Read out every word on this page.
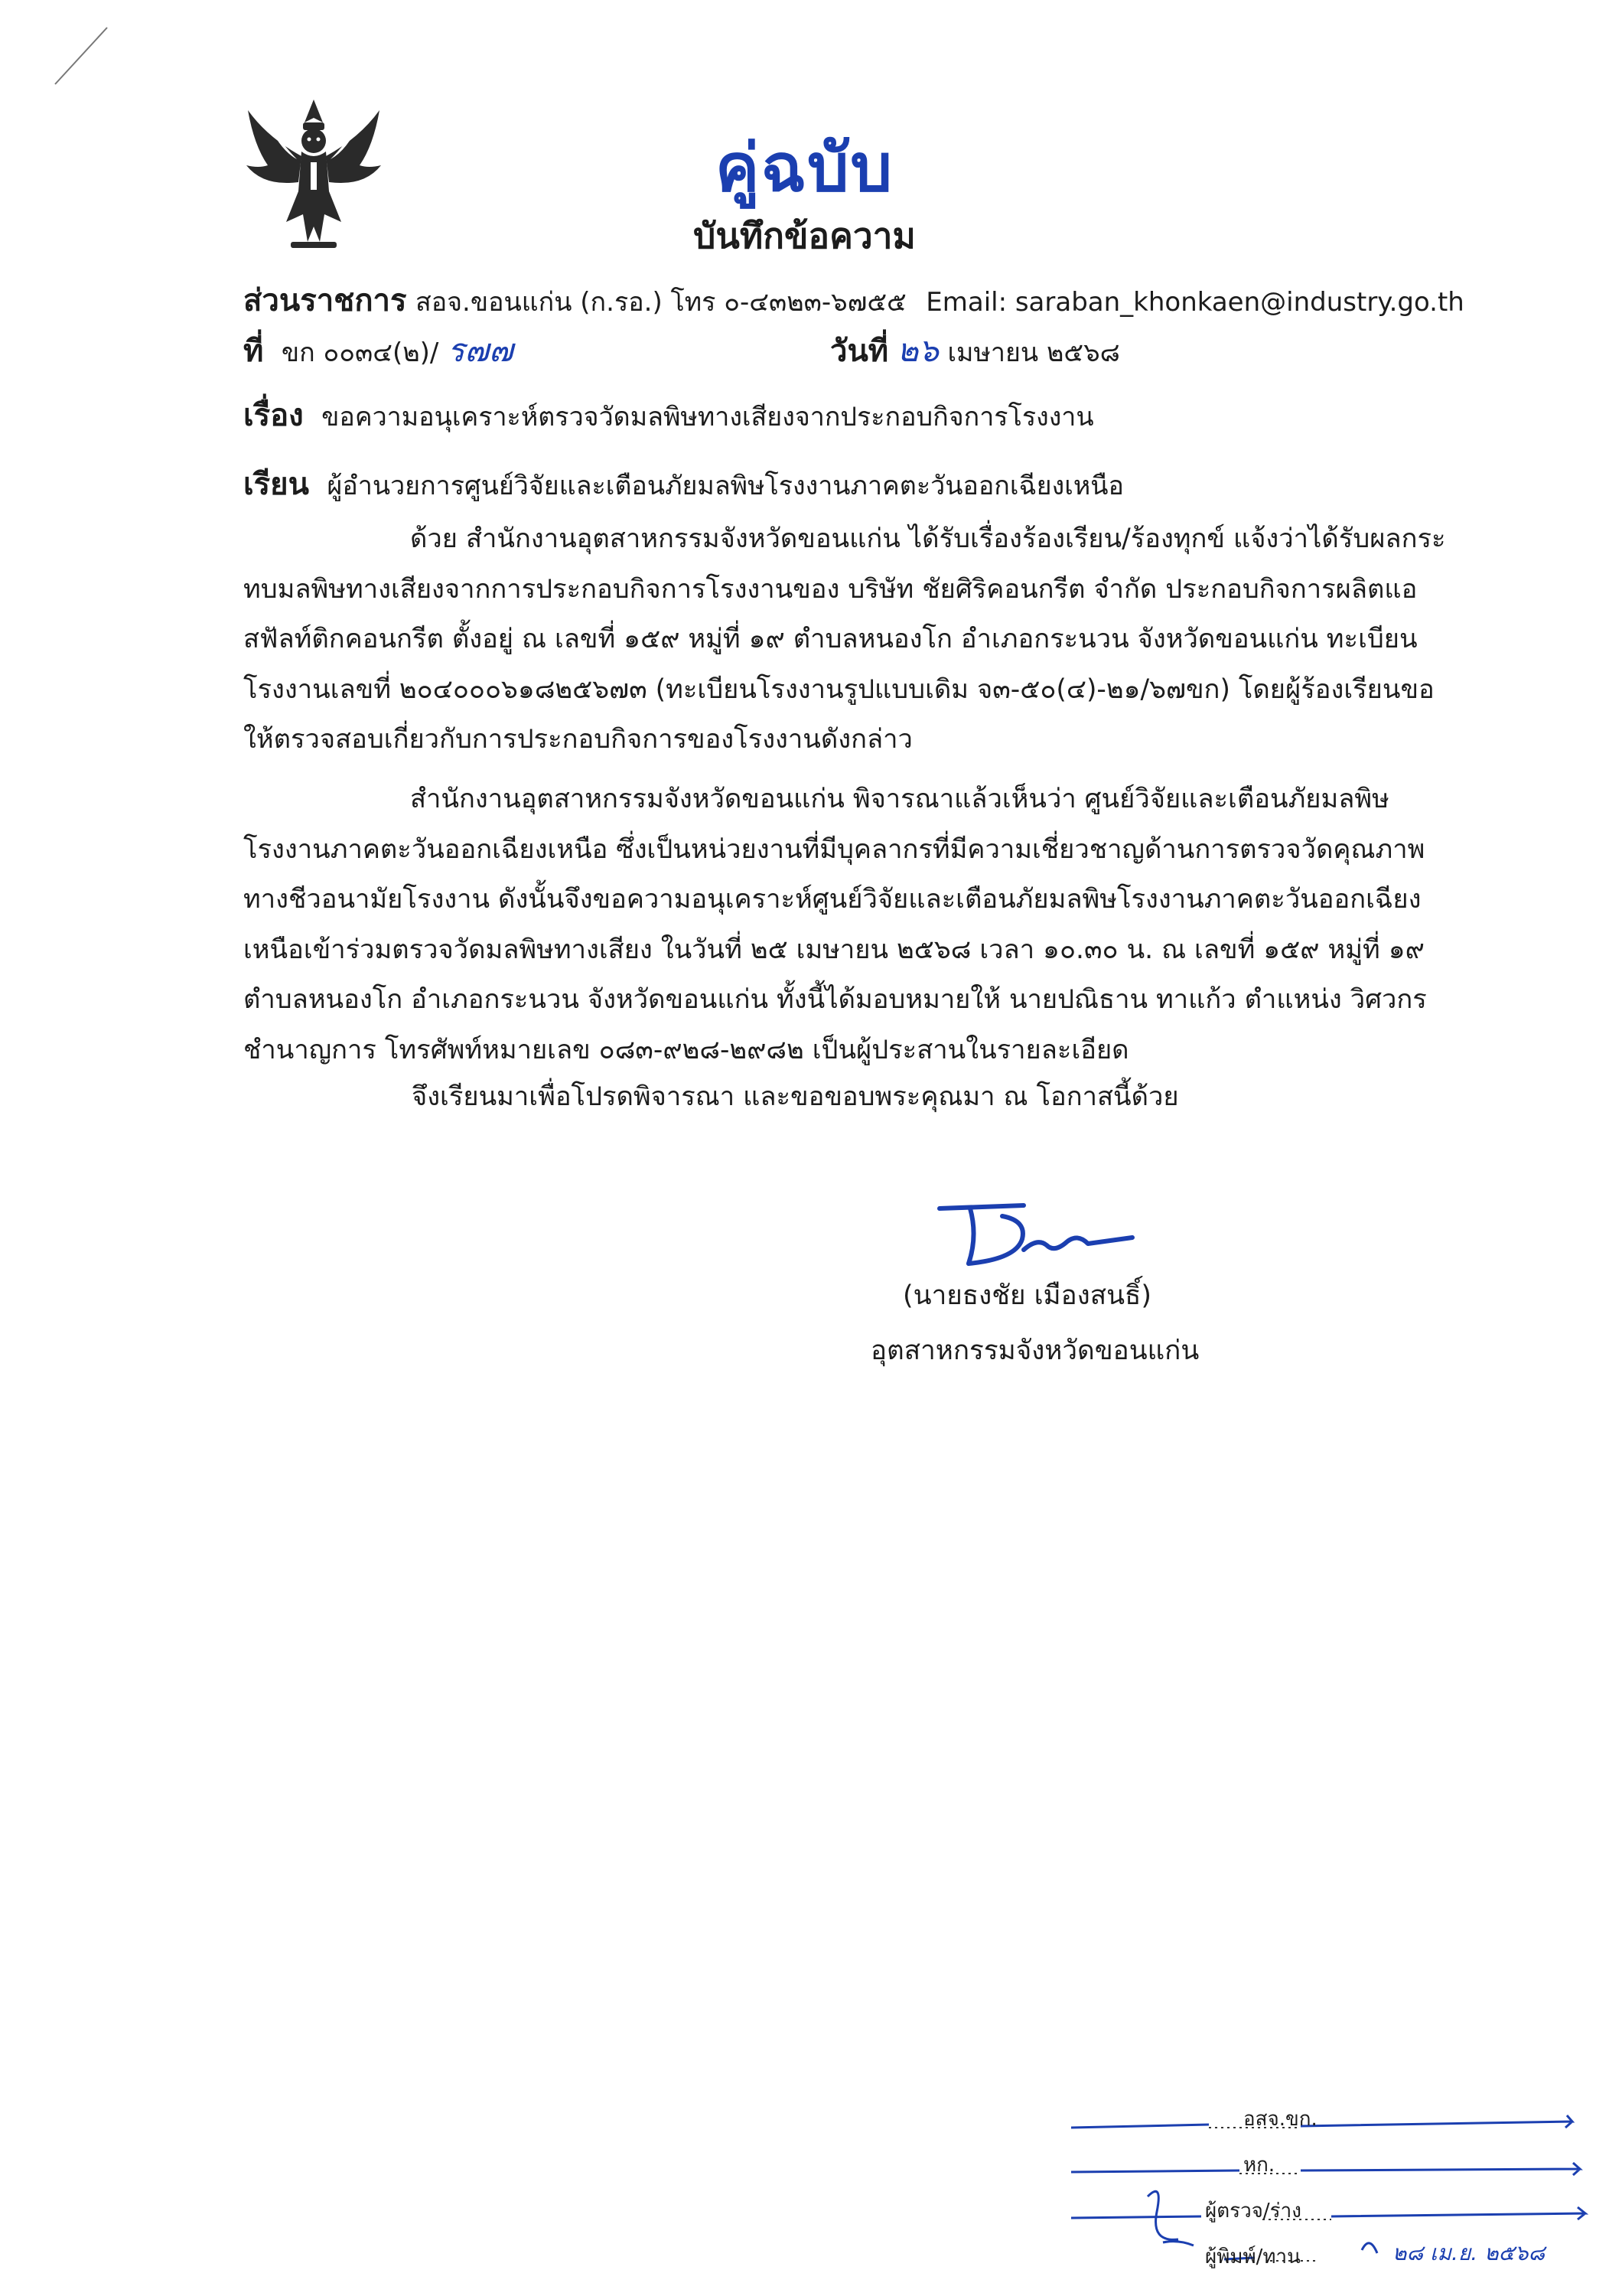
คู่ฉบับ
บันทึกข้อความ
ส่วนราชการ สอจ.ขอนแก่น (ก.รอ.) โทร ๐-๔๓๒๓-๖๗๕๕ Email: saraban_khonkaen@industry.go.th
ที่ ขก ๐๐๓๔(๒)/ ร๗๗	วันที่ ๒๖ เมษายน ๒๕๖๘
เรื่อง ขอความอนุเคราะห์ตรวจวัดมลพิษทางเสียงจากประกอบกิจการโรงงาน
เรียน ผู้อำนวยการศูนย์วิจัยและเตือนภัยมลพิษโรงงานภาคตะวันออกเฉียงเหนือ

ด้วย สำนักงานอุตสาหกรรมจังหวัดขอนแก่น ได้รับเรื่องร้องเรียน/ร้องทุกข์ แจ้งว่าได้รับผลกระทบมลพิษทางเสียงจากการประกอบกิจการโรงงานของ บริษัท ชัยศิริคอนกรีต จำกัด ประกอบกิจการผลิตแอสฟัลท์ติกคอนกรีต ตั้งอยู่ ณ เลขที่ ๑๕๙ หมู่ที่ ๑๙ ตำบลหนองโก อำเภอกระนวน จังหวัดขอนแก่น ทะเบียนโรงงานเลขที่ ๒๐๔๐๐๐๖๑๘๒๕๖๗๓ (ทะเบียนโรงงานรูปแบบเดิม จ๓-๕๐(๔)-๒๑/๖๗ขก) โดยผู้ร้องเรียนขอให้ตรวจสอบเกี่ยวกับการประกอบกิจการของโรงงานดังกล่าว

สำนักงานอุตสาหกรรมจังหวัดขอนแก่น พิจารณาแล้วเห็นว่า ศูนย์วิจัยและเตือนภัยมลพิษโรงงานภาคตะวันออกเฉียงเหนือ ซึ่งเป็นหน่วยงานที่มีบุคลากรที่มีความเชี่ยวชาญด้านการตรวจวัดคุณภาพทางชีวอนามัยโรงงาน ดังนั้นจึงขอความอนุเคราะห์ศูนย์วิจัยและเตือนภัยมลพิษโรงงานภาคตะวันออกเฉียงเหนือเข้าร่วมตรวจวัดมลพิษทางเสียง ในวันที่ ๒๕ เมษายน ๒๕๖๘ เวลา ๑๐.๓๐ น. ณ เลขที่ ๑๕๙ หมู่ที่ ๑๙ ตำบลหนองโก อำเภอกระนวน จังหวัดขอนแก่น ทั้งนี้ได้มอบหมายให้ นายปณิธาน ทาแก้ว ตำแหน่ง วิศวกรชำนาญการ โทรศัพท์หมายเลข ๐๘๓-๙๒๘-๒๙๘๒ เป็นผู้ประสานในรายละเอียด

จึงเรียนมาเพื่อโปรดพิจารณา และขอขอบพระคุณมา ณ โอกาสนี้ด้วย
(นายธงชัย เมืองสนธิ์)
อุตสาหกรรมจังหวัดขอนแก่น
อสจ.ขก.
หก.
ผู้ตรวจ/ร่าง
ผู้พิมพ์/ทาน	๒๘ เม.ย. ๒๕๖๘
